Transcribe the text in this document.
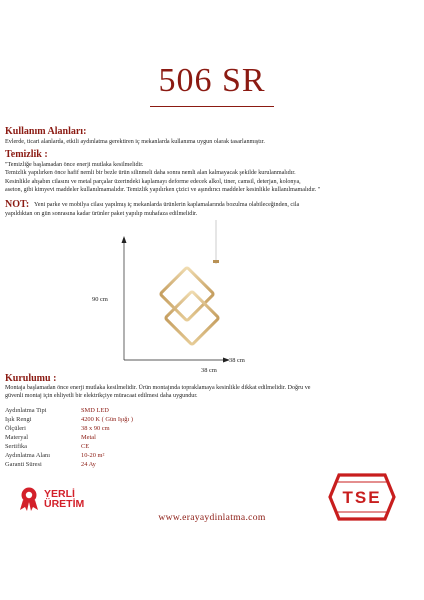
506 SR
Kullanım Alanları:
Evlerde, ticari alanlarda, etkili aydınlatma gerektiren iç mekanlarda kullanıma uygun olarak tasarlanmıştır.
Temizlik :
"Temizliğe başlamadan önce enerji mutlaka kesilmelidir.
Temizlik yapılırken önce hafif nemli bir bezle ürün silinmeli daha sonra nemli alan kalmayacak şekilde kurulanmalıdır.
Kesinlikle ahşabın cilasını ve metal parçalar üzerindeki kaplamayı deforme edecek alkol, tiner, camsil, deterjan, kolonya,
aseton, gibi kimyevi maddeler kullanılmamalıdır. Temizlik yapılırken çizici ve aşındırıcı maddeler kesinlikle kullanılmamalıdır. "
NOT: Yeni parke ve mobilya cilası yapılmış iç mekanlarda ürünlerin kaplamalarında bozulma olabileceğinden, cila
yapıldıktan on gün sonrasına kadar ürünler paket yapılıp muhafaza edilmelidir.
90 cm
38 cm
38 cm
Kurulumu :
Montaja başlamadan önce enerji mutlaka kesilmelidir. Ürün montajında topraklamaya kesinlikle dikkat edilmelidir. Doğru ve
güvenli montaj için ehliyetli bir elektrikçiye müracaat edilmesi daha uygundur.
Aydınlatma Tipi	SMD LED
Işık Rengi	4200 K ( Gün Işığı )
Ölçüleri	38 x 90 cm
Materyal	Metal
Sertifika	CE
Aydınlatma Alanı	10-20 m²
Garanti Süresi	24 Ay
YERLİ
ÜRETİM	TSE
www.erayaydinlatma.com
